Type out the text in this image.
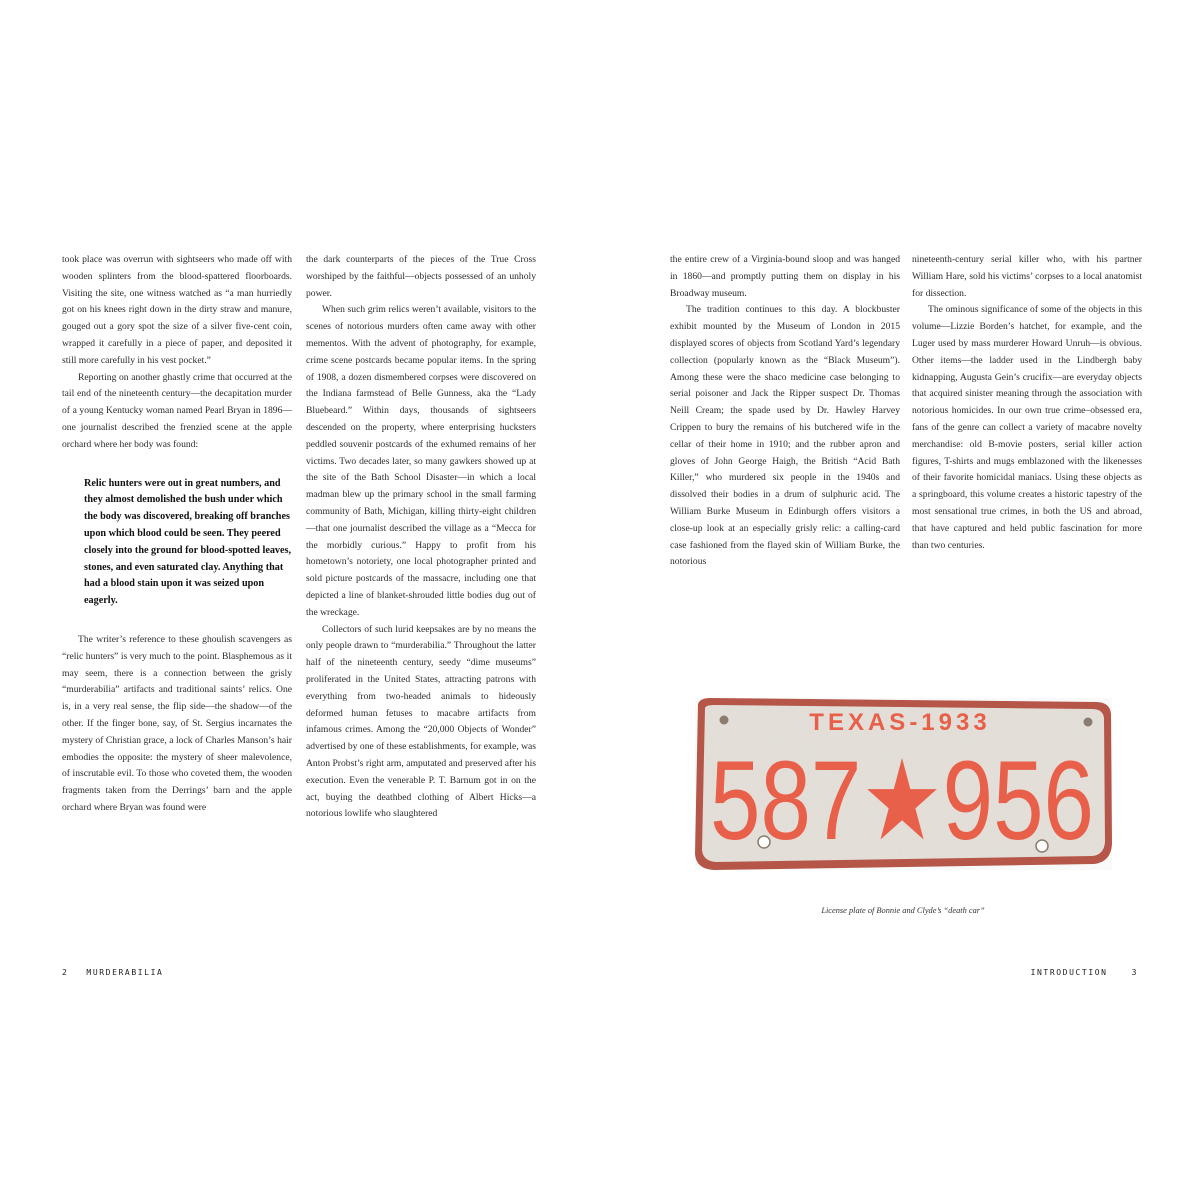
took place was overrun with sightseers who made off with wooden splinters from the blood-spattered floorboards. Visiting the site, one witness watched as “a man hurriedly got on his knees right down in the dirty straw and manure, gouged out a gory spot the size of a silver five-cent coin, wrapped it carefully in a piece of paper, and deposited it still more carefully in his vest pocket.”

Reporting on another ghastly crime that occurred at the tail end of the nineteenth century—the decapitation murder of a young Kentucky woman named Pearl Bryan in 1896—one journalist described the frenzied scene at the apple orchard where her body was found:

Relic hunters were out in great numbers, and they almost demolished the bush under which the body was discovered, breaking off branches upon which blood could be seen. They peered closely into the ground for blood-spotted leaves, stones, and even saturated clay. Anything that had a blood stain upon it was seized upon eagerly.

The writer’s reference to these ghoulish scavengers as “relic hunters” is very much to the point. Blasphemous as it may seem, there is a connection between the grisly “murderabilia” artifacts and traditional saints’ relics. One is, in a very real sense, the flip side—the shadow—of the other. If the finger bone, say, of St. Sergius incarnates the mystery of Christian grace, a lock of Charles Manson’s hair embodies the opposite: the mystery of sheer malevolence, of inscrutable evil. To those who coveted them, the wooden fragments taken from the Derrings’ barn and the apple orchard where Bryan was found were

the dark counterparts of the pieces of the True Cross worshiped by the faithful—objects possessed of an unholy power.

When such grim relics weren’t available, visitors to the scenes of notorious murders often came away with other mementos. With the advent of photography, for example, crime scene postcards became popular items. In the spring of 1908, a dozen dismembered corpses were discovered on the Indiana farmstead of Belle Gunness, aka the “Lady Bluebeard.” Within days, thousands of sightseers descended on the property, where enterprising hucksters peddled souvenir postcards of the exhumed remains of her victims. Two decades later, so many gawkers showed up at the site of the Bath School Disaster—in which a local madman blew up the primary school in the small farming community of Bath, Michigan, killing thirty-eight children—that one journalist described the village as a “Mecca for the morbidly curious.” Happy to profit from his hometown’s notoriety, one local photographer printed and sold picture postcards of the massacre, including one that depicted a line of blanket-shrouded little bodies dug out of the wreckage.

Collectors of such lurid keepsakes are by no means the only people drawn to “murderabilia.” Throughout the latter half of the nineteenth century, seedy “dime museums” proliferated in the United States, attracting patrons with everything from two-headed animals to hideously deformed human fetuses to macabre artifacts from infamous crimes. Among the “20,000 Objects of Wonder” advertised by one of these establishments, for example, was Anton Probst’s right arm, amputated and preserved after his execution. Even the venerable P. T. Barnum got in on the act, buying the deathbed clothing of Albert Hicks—a notorious lowlife who slaughtered

2 MURDERABILIA

the entire crew of a Virginia-bound sloop and was hanged in 1860—and promptly putting them on display in his Broadway museum.

The tradition continues to this day. A blockbuster exhibit mounted by the Museum of London in 2015 displayed scores of objects from Scotland Yard’s legendary collection (popularly known as the “Black Museum”). Among these were the shaco medicine case belonging to serial poisoner and Jack the Ripper suspect Dr. Thomas Neill Cream; the spade used by Dr. Hawley Harvey Crippen to bury the remains of his butchered wife in the cellar of their home in 1910; and the rubber apron and gloves of John George Haigh, the British “Acid Bath Killer,” who murdered six people in the 1940s and dissolved their bodies in a drum of sulphuric acid. The William Burke Museum in Edinburgh offers visitors a close-up look at an especially grisly relic: a calling-card case fashioned from the flayed skin of William Burke, the notorious

nineteenth-century serial killer who, with his partner William Hare, sold his victims’ corpses to a local anatomist for dissection.

The ominous significance of some of the objects in this volume—Lizzie Borden’s hatchet, for example, and the Luger used by mass murderer Howard Unruh—is obvious. Other items—the ladder used in the Lindbergh baby kidnapping, Augusta Gein’s crucifix—are everyday objects that acquired sinister meaning through the association with notorious homicides. In our own true crime–obsessed era, fans of the genre can collect a variety of macabre novelty merchandise: old B-movie posters, serial killer action figures, T-shirts and mugs emblazoned with the likenesses of their favorite homicidal maniacs. Using these objects as a springboard, this volume creates a historic tapestry of the most sensational true crimes, in both the US and abroad, that have captured and held public fascination for more than two centuries.

TEXAS-1933
587★956
License plate of Bonnie and Clyde’s “death car”
INTRODUCTION	3
